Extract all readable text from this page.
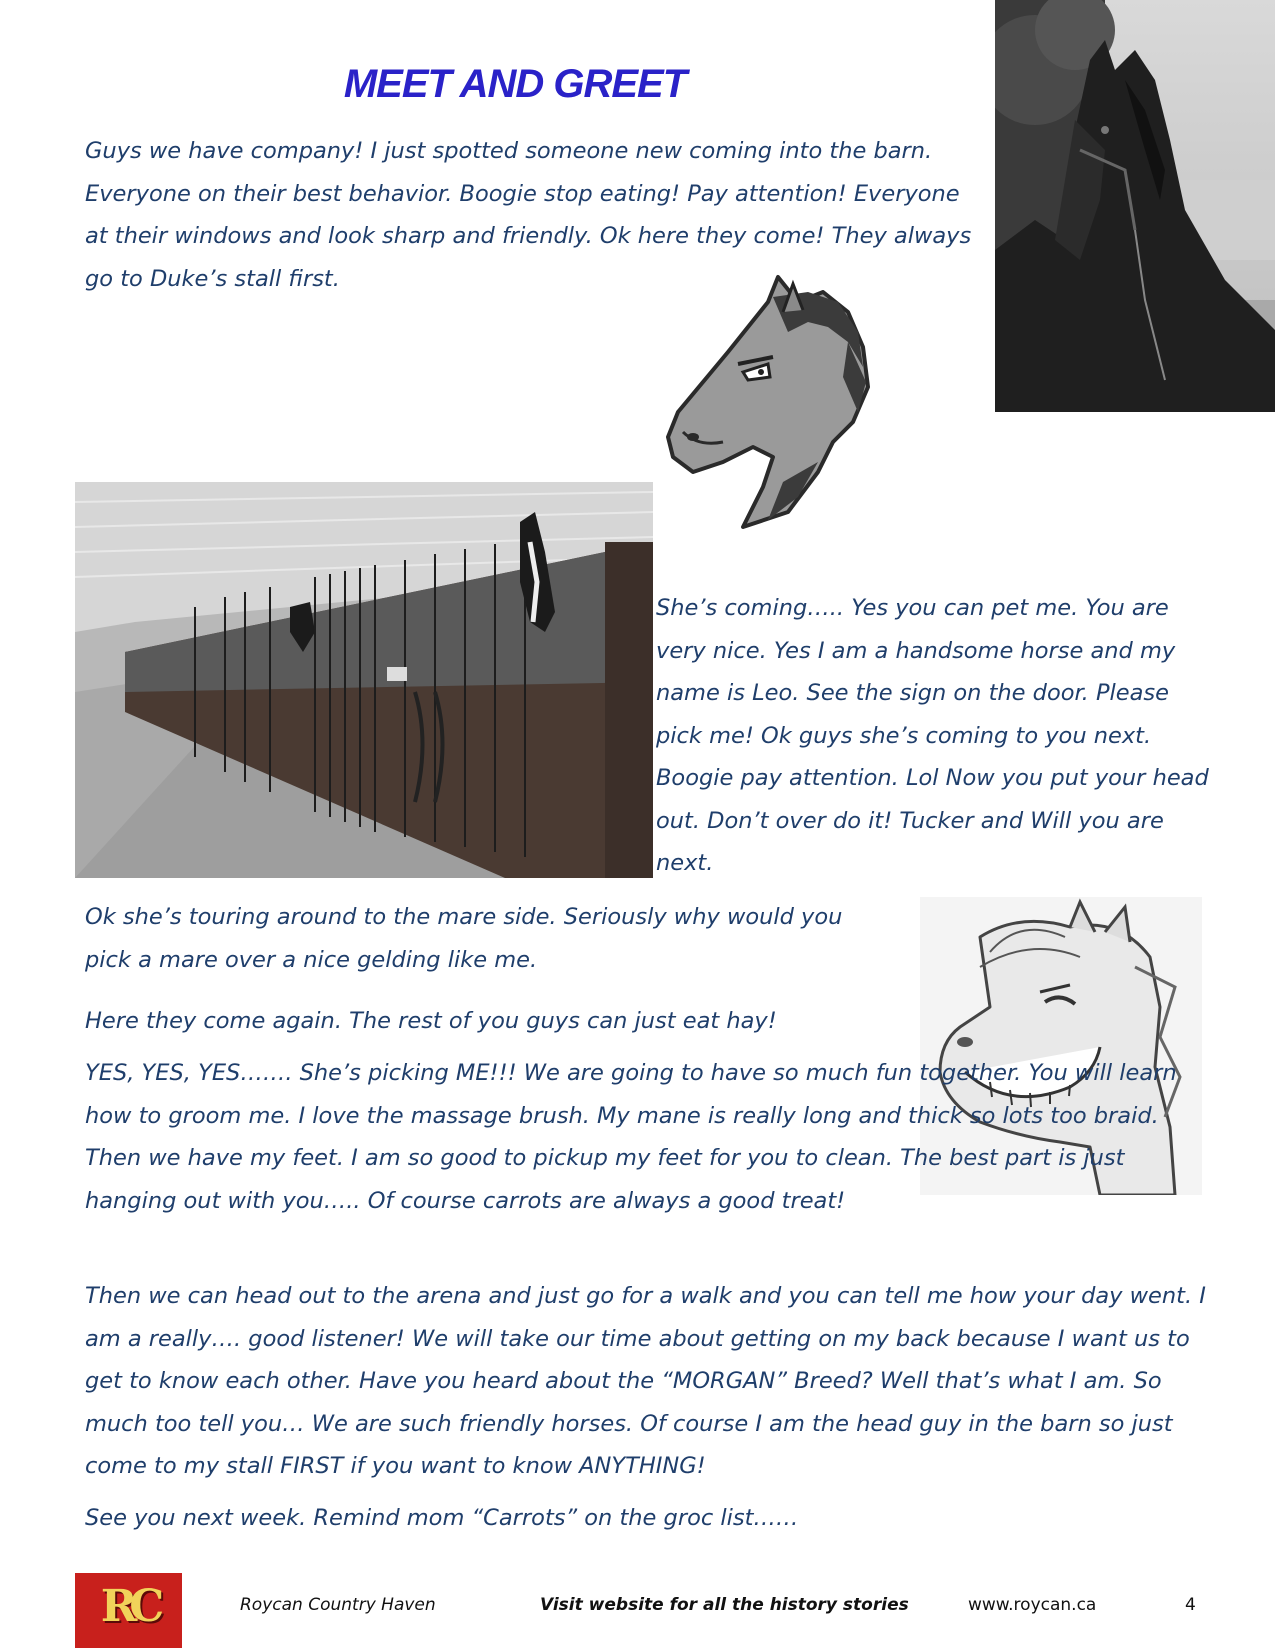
MEET AND GREET

Guys we have company! I just spotted someone new coming into the barn. Everyone on their best behavior. Boogie stop eating! Pay attention! Everyone at their windows and look sharp and friendly. Ok here they come! They always go to Duke’s stall first.

She’s coming….. Yes you can pet me. You are very nice. Yes I am a handsome horse and my name is Leo. See the sign on the door. Please pick me! Ok guys she’s coming to you next. Boogie pay attention. Lol Now you put your head out. Don’t over do it! Tucker and Will you are next.

Ok she’s touring around to the mare side. Seriously why would you pick a mare over a nice gelding like me.

Here they come again. The rest of you guys can just eat hay!

YES, YES, YES……. She’s picking ME!!! We are going to have so much fun together. You will learn how to groom me. I love the massage brush. My mane is really long and thick so lots too braid. Then we have my feet. I am so good to pickup my feet for you to clean. The best part is just hanging out with you….. Of course carrots are always a good treat!

Then we can head out to the arena and just go for a walk and you can tell me how your day went. I am a really…. good listener! We will take our time about getting on my back because I want us to get to know each other. Have you heard about the “MORGAN” Breed? Well that’s what I am. So much too tell you… We are such friendly horses. Of course I am the head guy in the barn so just come to my stall FIRST if you want to know ANYTHING!

See you next week. Remind mom “Carrots” on the groc list……

RC	Roycan Country Haven	Visit website for all the history stories	www.roycan.ca	4
